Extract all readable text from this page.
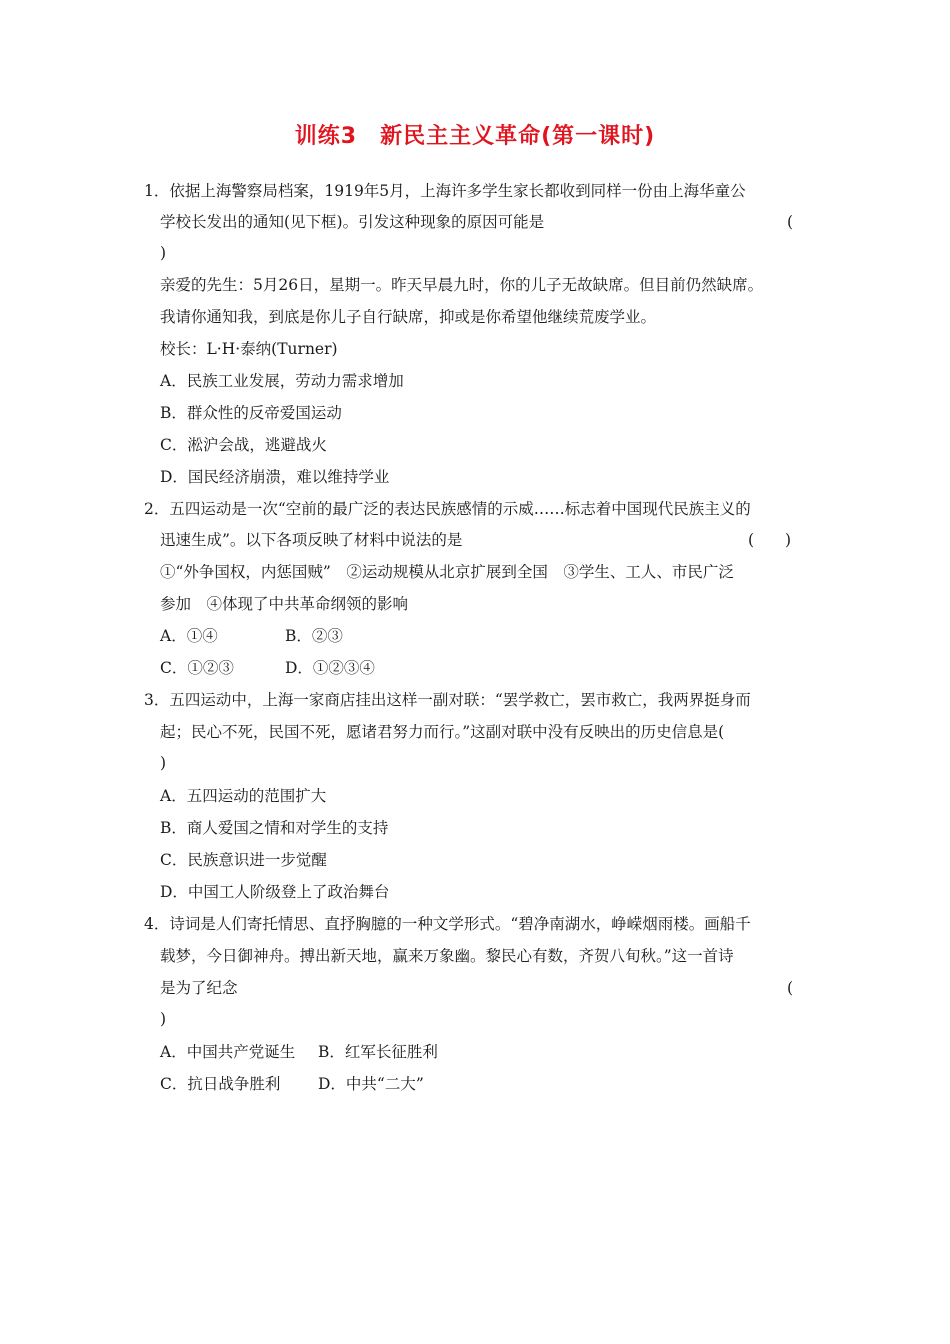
训练3　新民主主义革命(第一课时)
1．依据上海警察局档案，1919年5月，上海许多学生家长都收到同样一份由上海华童公
学校长发出的通知(见下框)。引发这种现象的原因可能是	(
)
亲爱的先生：5月26日，星期一。昨天早晨九时，你的儿子无故缺席。但目前仍然缺席。
我请你通知我，到底是你儿子自行缺席，抑或是你希望他继续荒废学业。
校长：L·H·泰纳(Turner)
A．民族工业发展，劳动力需求增加
B．群众性的反帝爱国运动
C．淞沪会战，逃避战火
D．国民经济崩溃，难以维持学业
2．五四运动是一次“空前的最广泛的表达民族感情的示威……标志着中国现代民族主义的
迅速生成”。以下各项反映了材料中说法的是	(　　)
①“外争国权，内惩国贼”　②运动规模从北京扩展到全国　③学生、工人、市民广泛
参加　④体现了中共革命纲领的影响
A．①④	B．②③
C．①②③	D．①②③④
3．五四运动中，上海一家商店挂出这样一副对联：“罢学救亡，罢市救亡，我两界挺身而
起；民心不死，民国不死，愿诸君努力而行。”这副对联中没有反映出的历史信息是(
)
A．五四运动的范围扩大
B．商人爱国之情和对学生的支持
C．民族意识进一步觉醒
D．中国工人阶级登上了政治舞台
4．诗词是人们寄托情思、直抒胸臆的一种文学形式。“碧净南湖水，峥嵘烟雨楼。画船千
载梦，今日御神舟。搏出新天地，赢来万象幽。黎民心有数，齐贺八旬秋。”这一首诗
是为了纪念	(
)
A．中国共产党诞生 B．红军长征胜利
C．抗日战争胜利 D．中共“二大”
